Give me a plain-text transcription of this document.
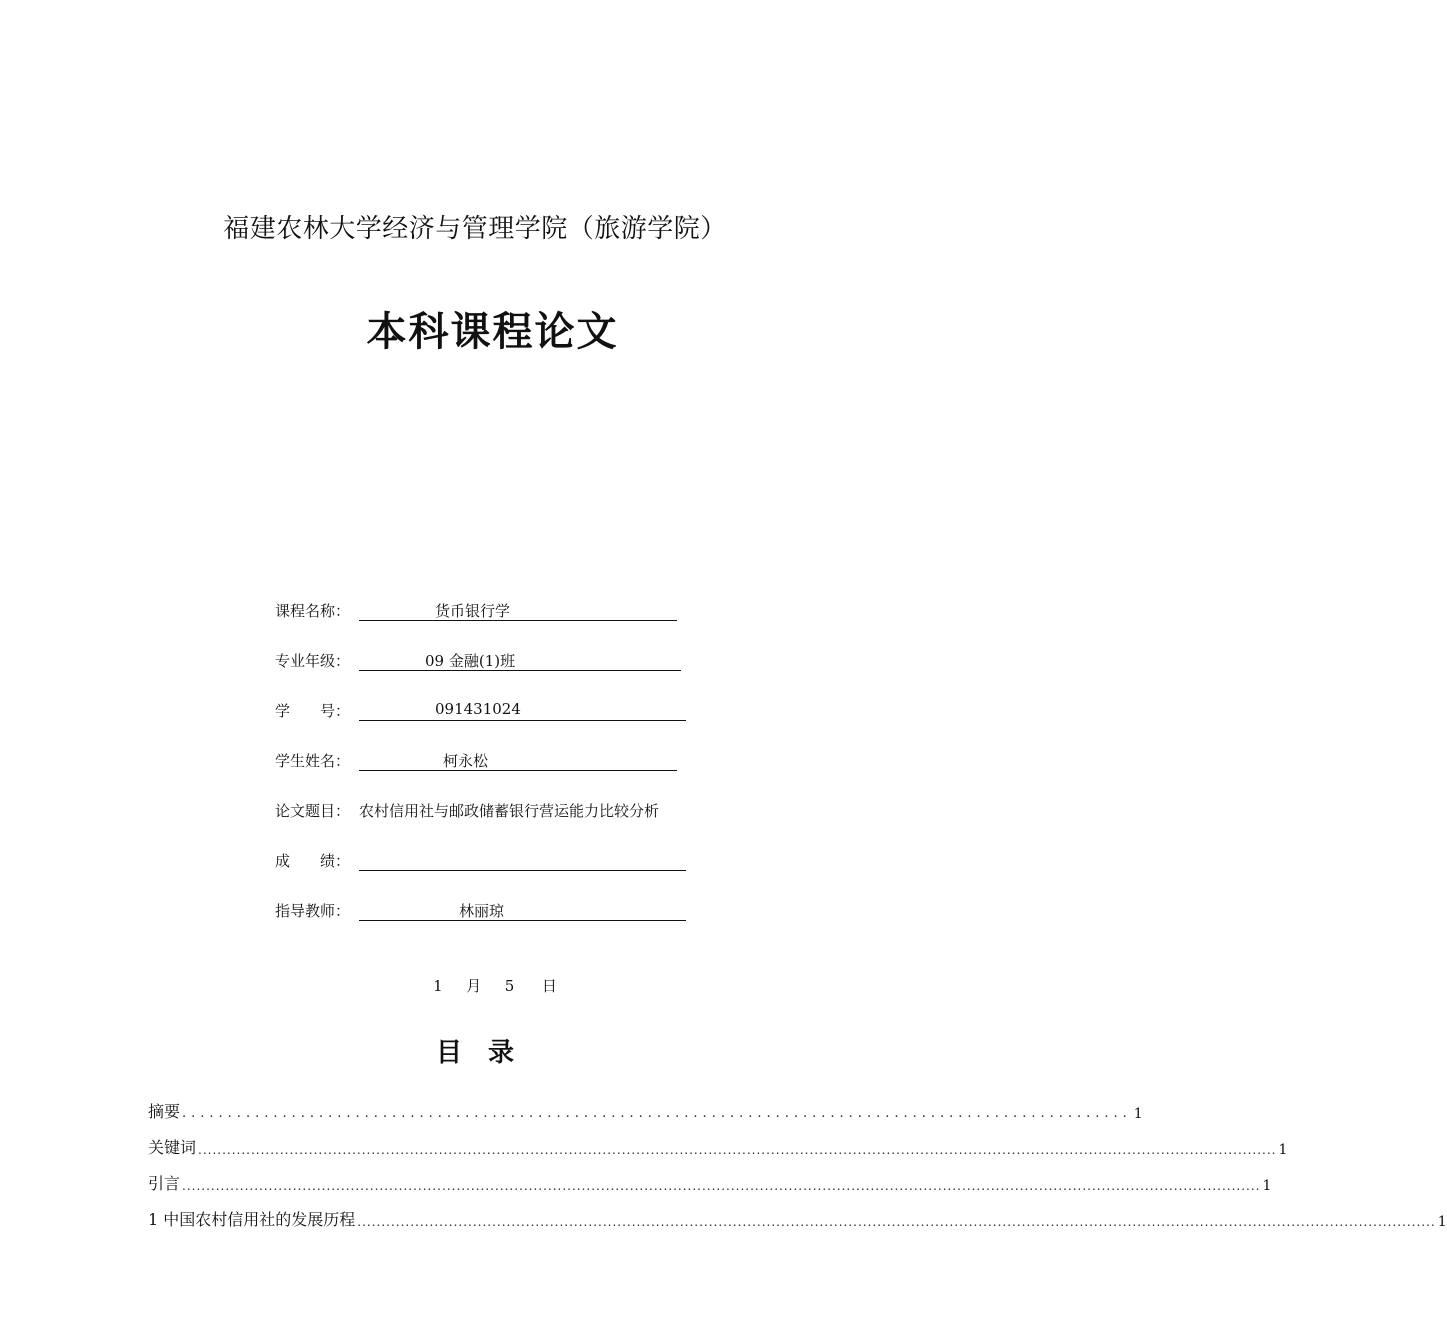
福建农林大学经济与管理学院（旅游学院）
本科课程论文
课程名称：	货币银行学
专业年级：	09 金融(1)班
学　　号：	091431024
学生姓名：	柯永松
论文题目： 农村信用社与邮政储蓄银行营运能力比较分析
成　　绩：
指导教师：	林丽琼
1 月 5 日
目　录
摘要 ........................................................................................................ 1
关键词 ................................................................................................................................................................................................................................ 1
引言 ................................................................................................................................................................................................................................ 1
1 中国农村信用社的发展历程 ................................................................................................................................................................................................................................ 1
